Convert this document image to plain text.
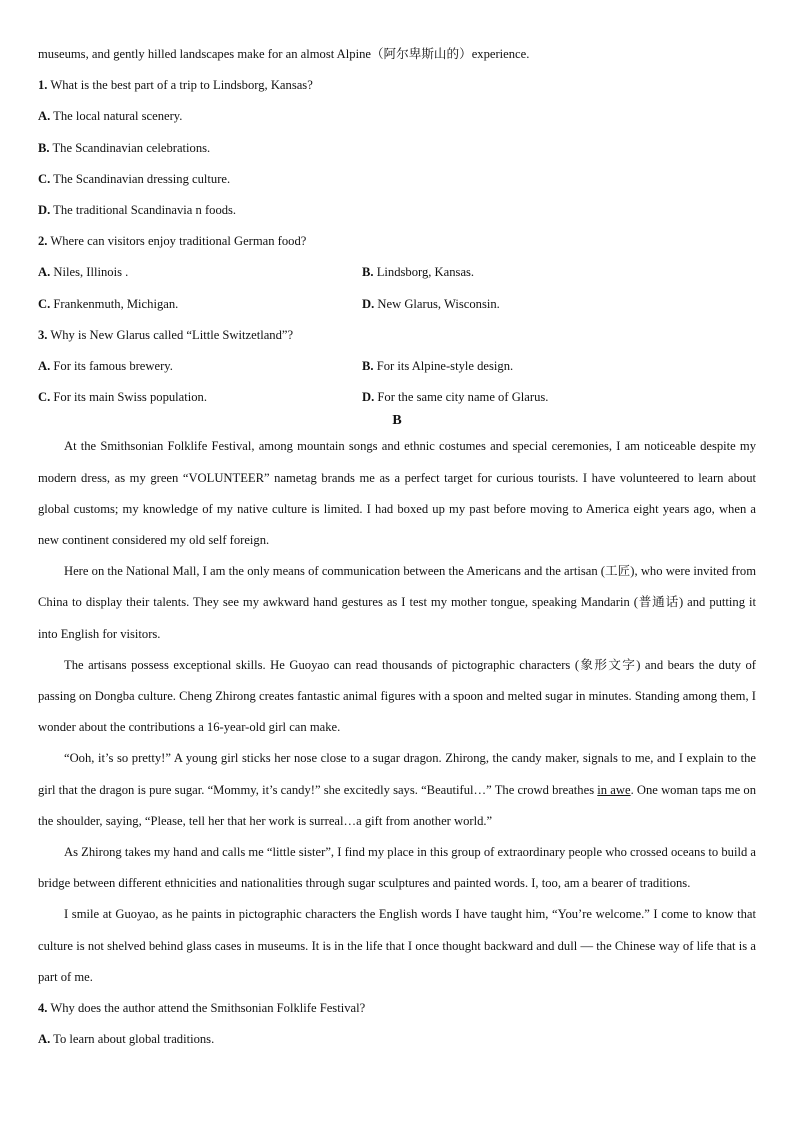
museums, and gently hilled landscapes make for an almost Alpine（阿尔卑斯山的）experience.
1. What is the best part of a trip to Lindsborg, Kansas?
A. The local natural scenery.
B. The Scandinavian celebrations.
C. The Scandinavian dressing culture.
D. The traditional Scandinavia n foods.
2. Where can visitors enjoy traditional German food?
A. Niles, Illinois .	B. Lindsborg, Kansas.
C. Frankenmuth, Michigan.	D. New Glarus, Wisconsin.
3. Why is New Glarus called “Little Switzetland”?
A. For its famous brewery.	B. For its Alpine-style design.
C. For its main Swiss population.	D. For the same city name of Glarus.
B

At the Smithsonian Folklife Festival, among mountain songs and ethnic costumes and special ceremonies, I am noticeable despite my modern dress, as my green “VOLUNTEER” nametag brands me as a perfect target for curious tourists. I have volunteered to learn about global customs; my knowledge of my native culture is limited. I had boxed up my past before moving to America eight years ago, when a new continent considered my old self foreign.

Here on the National Mall, I am the only means of communication between the Americans and the artisan (工匠), who were invited from China to display their talents. They see my awkward hand gestures as I test my mother tongue, speaking Mandarin (普通话) and putting it into English for visitors.

The artisans possess exceptional skills. He Guoyao can read thousands of pictographic characters (象形文字) and bears the duty of passing on Dongba culture. Cheng Zhirong creates fantastic animal figures with a spoon and melted sugar in minutes. Standing among them, I wonder about the contributions a 16-year-old girl can make.

“Ooh, it’s so pretty!” A young girl sticks her nose close to a sugar dragon. Zhirong, the candy maker, signals to me, and I explain to the girl that the dragon is pure sugar. “Mommy, it’s candy!” she excitedly says. “Beautiful…” The crowd breathes in awe. One woman taps me on the shoulder, saying, “Please, tell her that her work is surreal…a gift from another world.”

As Zhirong takes my hand and calls me “little sister”, I find my place in this group of extraordinary people who crossed oceans to build a bridge between different ethnicities and nationalities through sugar sculptures and painted words. I, too, am a bearer of traditions.

I smile at Guoyao, as he paints in pictographic characters the English words I have taught him, “You’re welcome.” I come to know that culture is not shelved behind glass cases in museums. It is in the life that I once thought backward and dull — the Chinese way of life that is a part of me.

4. Why does the author attend the Smithsonian Folklife Festival?
A. To learn about global traditions.
